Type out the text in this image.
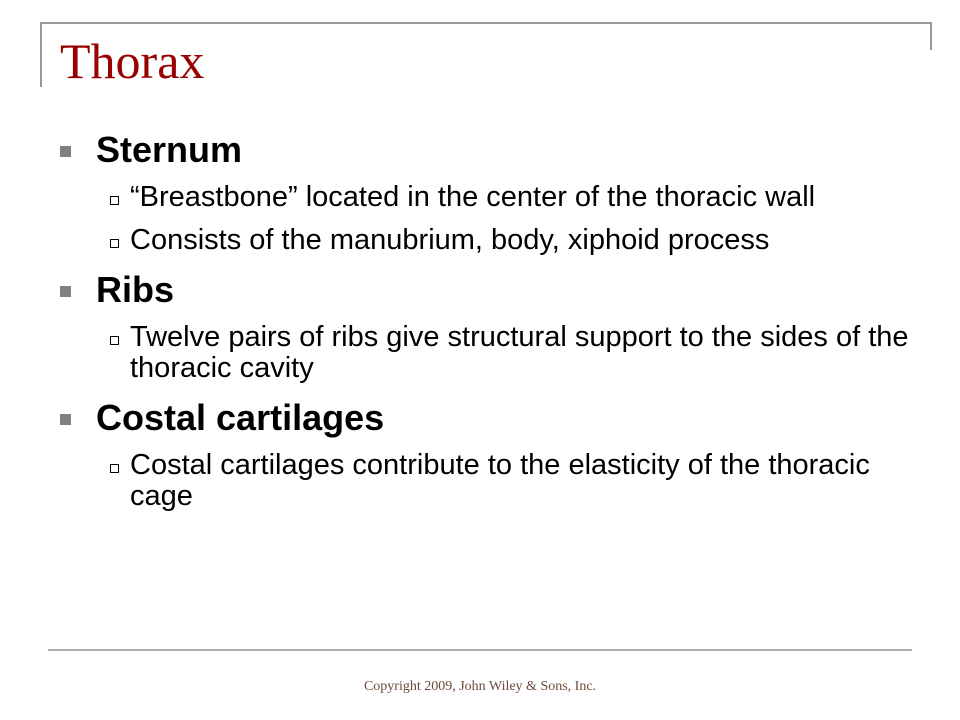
Thorax
Sternum
“Breastbone” located in the center of the thoracic wall
Consists of the manubrium, body, xiphoid process
Ribs
Twelve pairs of ribs give structural support to the sides of the thoracic cavity
Costal cartilages
Costal cartilages contribute to the elasticity of the thoracic cage
Copyright 2009, John Wiley & Sons, Inc.
